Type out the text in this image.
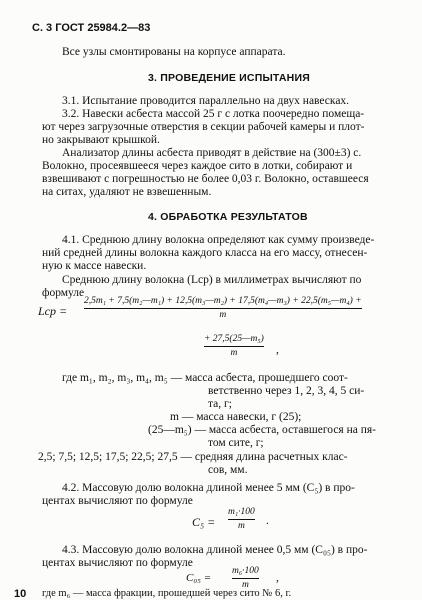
С. 3 ГОСТ 25984.2—83
Все узлы смонтированы на корпусе аппарата.
3. ПРОВЕДЕНИЕ ИСПЫТАНИЯ
3.1. Испытание проводится параллельно на двух навесках.
3.2. Навески асбеста массой 25 г с лотка поочередно помеща-
ют через загрузочные отверстия в секции рабочей камеры и плот-
но закрывают крышкой.
Анализатор длины асбеста приводят в действие на (300±3) с.
Волокно, просеявшееся через каждое сито в лотки, собирают и
взвешивают с погрешностью не более 0,03 г. Волокно, оставшееся
на ситах, удаляют не взвешенным.
4. ОБРАБОТКА РЕЗУЛЬТАТОВ
4.1. Среднюю длину волокна определяют как сумму произведе-
ний средней длины волокна каждого класса на его массу, отнесен-
ную к массе навески.
Среднюю длину волокна (Lср) в миллиметрах вычисляют по
формуле
Lср =
2,5m₁ + 7,5(m₂—m₁) + 12,5(m₃—m₂) + 17,5(m₄—m₃) + 22,5(m₅—m₄) +
m
+ 27,5(25—m₅)
m	,
где m₁, m₂, m₃, m₄, m₅ — масса асбеста, прошедшего соот-
ветственно через 1, 2, 3, 4, 5 си-
та, г;
m — масса навески, г (25);
(25—m₅) — масса асбеста, оставшегося на пя-
том сите, г;
2,5; 7,5; 12,5; 17,5; 22,5; 27,5 — средняя длина расчетных клас-
сов, мм.
4.2. Массовую долю волокна длиной менее 5 мм (C₅) в про-
центах вычисляют по формуле
C₅ =
m₁·100
m .
4.3. Массовую долю волокна длиной менее 0,5 мм (C₀₅) в про-
центах вычисляют по формуле
C₀₅ =	,
m₆·100
m
где m₆ — масса фракции, прошедшей через сито № 6, г.
10
